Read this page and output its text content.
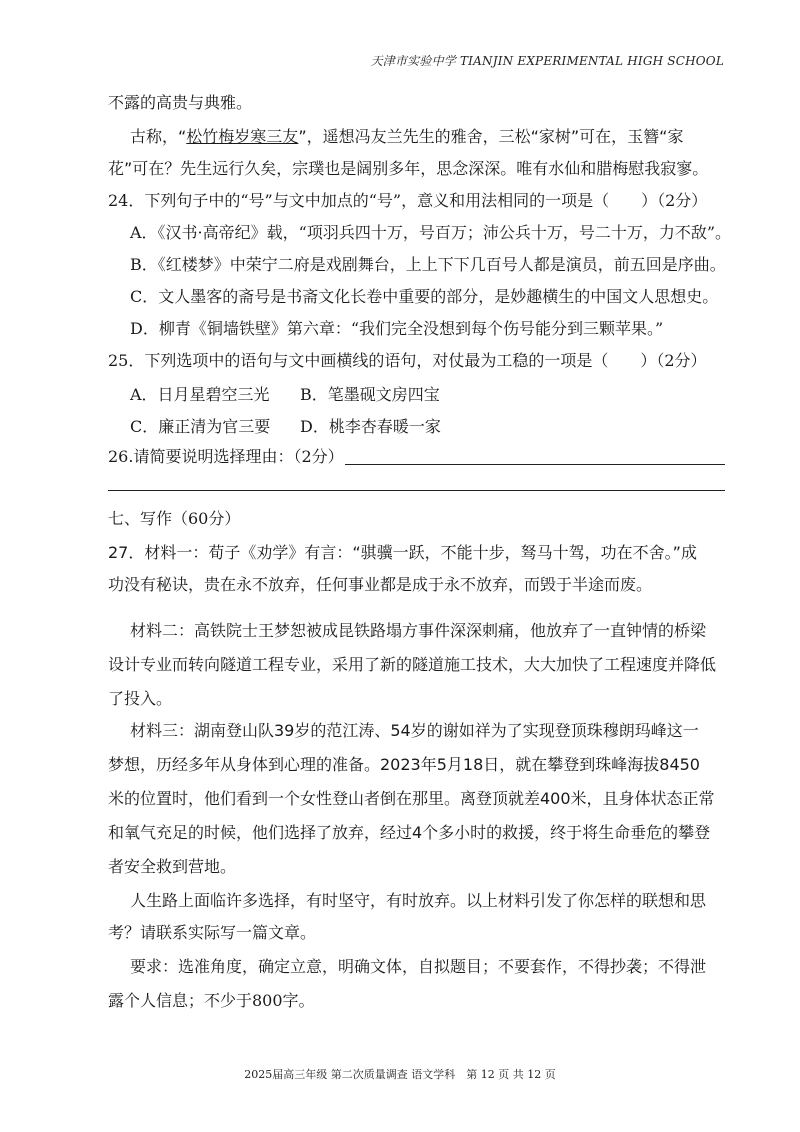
天津市实验中学 TIANJIN EXPERIMENTAL HIGH SCHOOL
不露的高贵与典雅。
古称，“松竹梅岁寒三友”，遥想冯友兰先生的雅舍，三松“家树”可在，玉簪“家
花”可在？先生远行久矣，宗璞也是阔别多年，思念深深。唯有水仙和腊梅慰我寂寥。
24．下列句子中的“号”与文中加点的“号”，意义和用法相同的一项是（　　）（2分）
A．《汉书·高帝纪》载，“项羽兵四十万，号百万；沛公兵十万，号二十万，力不敌”。
B．《红楼梦》中荣宁二府是戏剧舞台，上上下下几百号人都是演员，前五回是序曲。
C．文人墨客的斋号是书斋文化长卷中重要的部分，是妙趣横生的中国文人思想史。
D．柳青《铜墙铁壁》第六章：“我们完全没想到每个伤号能分到三颗苹果。”
25．下列选项中的语句与文中画横线的语句，对仗最为工稳的一项是（　　）（2分）
A．日月星碧空三光	B．笔墨砚文房四宝
C．廉正清为官三要	D．桃李杏春暖一家
26.请简要说明选择理由：（2分）
七、写作（60分）
27．材料一：荀子《劝学》有言：“骐骥一跃，不能十步，驽马十驾，功在不舍。”成
功没有秘诀，贵在永不放弃，任何事业都是成于永不放弃，而毁于半途而废。
材料二：高铁院士王梦恕被成昆铁路塌方事件深深刺痛，他放弃了一直钟情的桥梁
设计专业而转向隧道工程专业，采用了新的隧道施工技术，大大加快了工程速度并降低
了投入。
材料三：湖南登山队39岁的范江涛、54岁的谢如祥为了实现登顶珠穆朗玛峰这一
梦想，历经多年从身体到心理的准备。2023年5月18日，就在攀登到珠峰海拔8450
米的位置时，他们看到一个女性登山者倒在那里。离登顶就差400米，且身体状态正常
和氧气充足的时候，他们选择了放弃，经过4个多小时的救援，终于将生命垂危的攀登
者安全救到营地。
人生路上面临许多选择，有时坚守，有时放弃。以上材料引发了你怎样的联想和思
考？请联系实际写一篇文章。
要求：选准角度，确定立意，明确文体，自拟题目；不要套作，不得抄袭；不得泄
露个人信息；不少于800字。
2025届高三年级 第二次质量调查 语文学科　第 12 页 共 12 页
